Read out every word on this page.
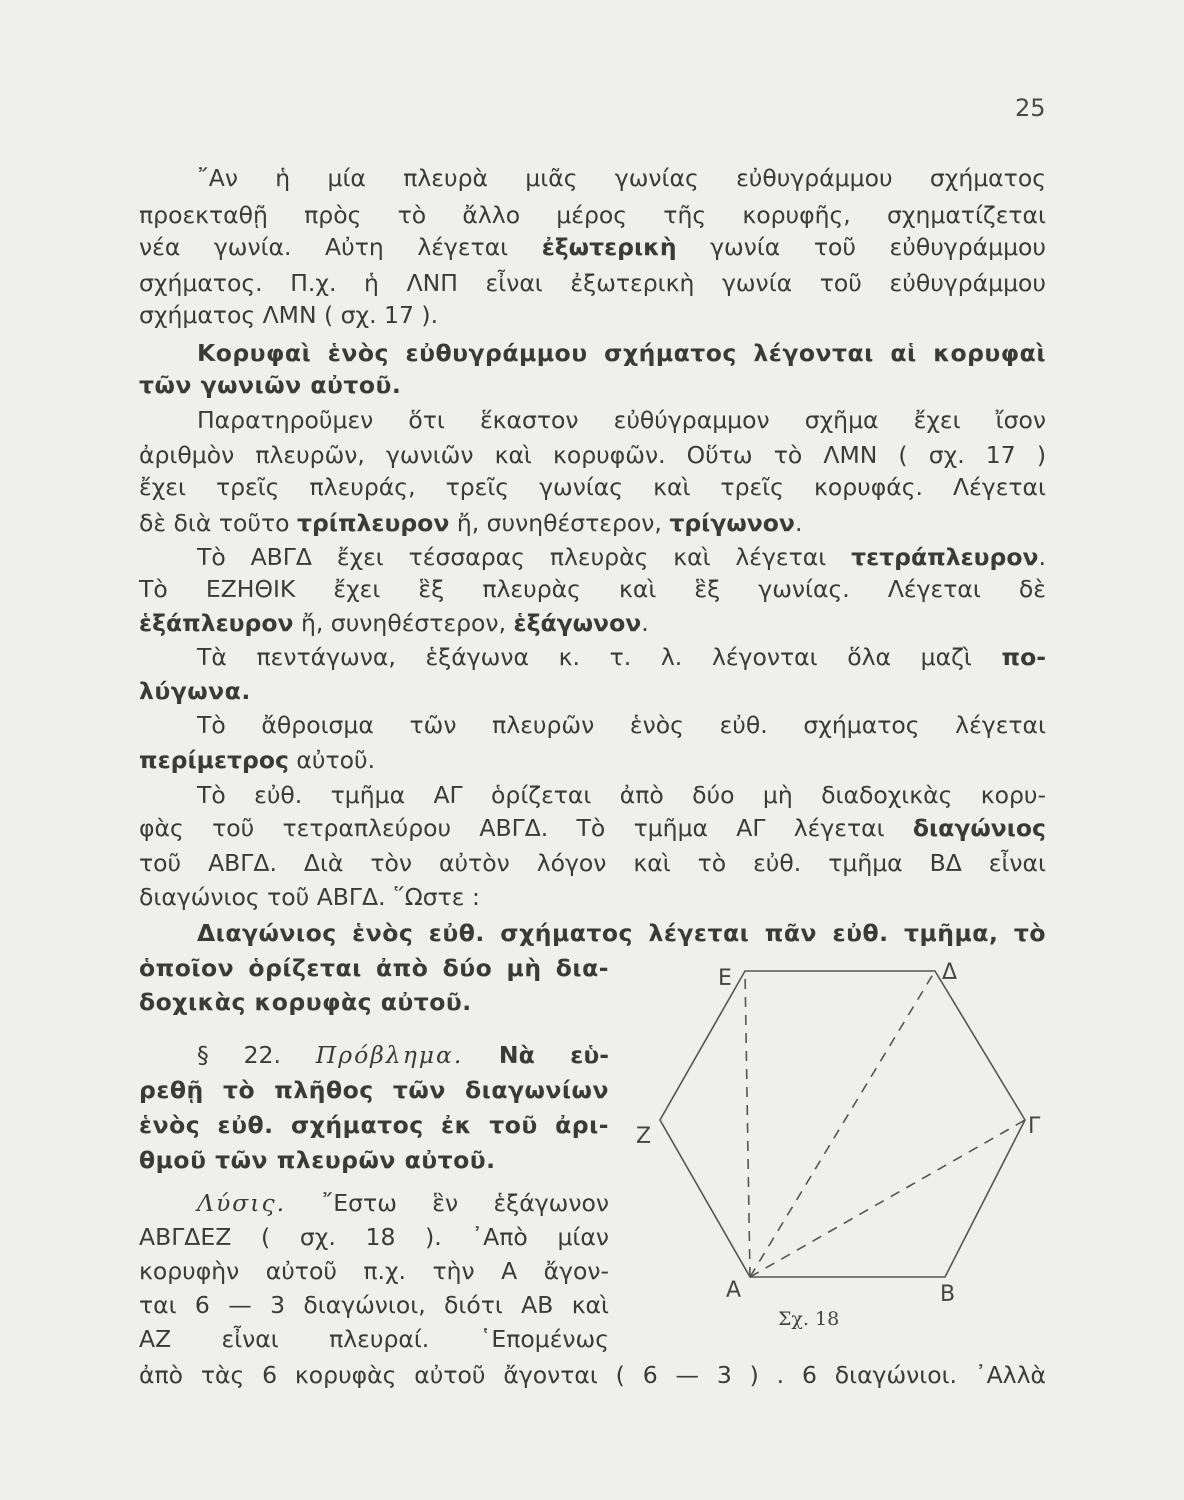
25
῎Αν ἡ μία πλευρὰ μιᾶς γωνίας εὐθυγράμμου σχήματος
προεκταθῇ πρὸς τὸ ἄλλο μέρος τῆς κορυφῆς, σχηματίζεται
νέα γωνία. Αὐτη λέγεται ἐξωτερικὴ γωνία τοῦ εὐθυγράμμου
σχήματος. Π.χ. ἡ ΛΝΠ εἶναι ἐξωτερικὴ γωνία τοῦ εὐθυγράμμου
σχήματος ΛΜΝ ( σχ. 17 ).
Κορυφαὶ ἑνὸς εὐθυγράμμου σχήματος λέγονται αἱ κορυφαὶ
τῶν γωνιῶν αὐτοῦ.
Παρατηροῦμεν ὅτι ἕκαστον εὐθύγραμμον σχῆμα ἔχει ἴσον
ἀριθμὸν πλευρῶν, γωνιῶν καὶ κορυφῶν. Οὕτω τὸ ΛΜΝ ( σχ. 17 )
ἔχει τρεῖς πλευράς, τρεῖς γωνίας καὶ τρεῖς κορυφάς. Λέγεται
δὲ διὰ τοῦτο τρίπλευρον ἤ, συνηθέστερον, τρίγωνον.
Τὸ ΑΒΓΔ ἔχει τέσσαρας πλευρὰς καὶ λέγεται τετράπλευρον.
Τὸ ΕΖΗΘΙΚ ἔχει ἓξ πλευρὰς καὶ ἓξ γωνίας. Λέγεται δὲ
ἑξάπλευρον ἤ, συνηθέστερον, ἑξάγωνον.
Τὰ πεντάγωνα, ἑξάγωνα κ. τ. λ. λέγονται ὅλα μαζὶ πο-
λύγωνα.
Τὸ ἄθροισμα τῶν πλευρῶν ἑνὸς εὐθ. σχήματος λέγεται
περίμετρος αὐτοῦ.
Τὸ εὐθ. τμῆμα ΑΓ ὁρίζεται ἀπὸ δύο μὴ διαδοχικὰς κορυ-
φὰς τοῦ τετραπλεύρου ΑΒΓΔ. Τὸ τμῆμα ΑΓ λέγεται διαγώνιος
τοῦ ΑΒΓΔ. Διὰ τὸν αὐτὸν λόγον καὶ τὸ εὐθ. τμῆμα ΒΔ εἶναι
διαγώνιος τοῦ ΑΒΓΔ. ῞Ωστε :
Διαγώνιος ἑνὸς εὐθ. σχήματος λέγεται πᾶν εὐθ. τμῆμα, τὸ
ὁποῖον ὁρίζεται ἀπὸ δύο μὴ δια-
δοχικὰς κορυφὰς αὐτοῦ.
§ 22. Πρόβλημα. Νὰ εὑ-
ρεθῇ τὸ πλῆθος τῶν διαγωνίων
ἑνὸς εὐθ. σχήματος ἐκ τοῦ ἀρι-
θμοῦ τῶν πλευρῶν αὐτοῦ.
Λύσις. ῎Εστω ἓν ἑξάγωνον
ΑΒΓΔΕΖ ( σχ. 18 ). ᾿Απὸ μίαν
κορυφὴν αὐτοῦ π.χ. τὴν Α ἄγον-
ται 6 — 3 διαγώνιοι, διότι ΑΒ καὶ
ΑΖ εἶναι πλευραί. ῾Επομένως
ἀπὸ τὰς 6 κορυφὰς αὐτοῦ ἄγονται ( 6 — 3 ) . 6 διαγώνιοι. ᾿Αλλὰ
Ε	Δ
Γ
Β
Α
Ζ
Σχ. 18
